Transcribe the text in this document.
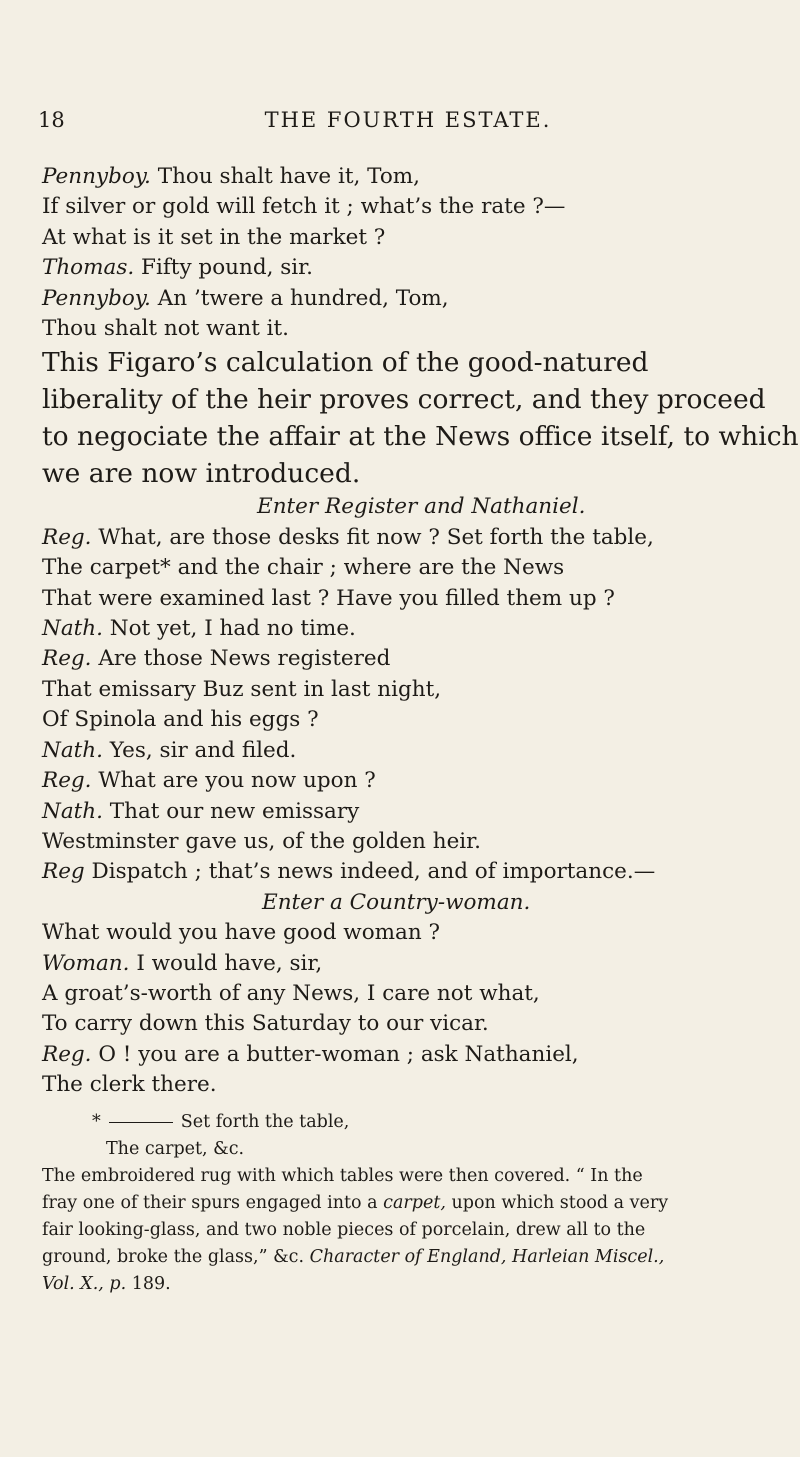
18	THE FOURTH ESTATE.
Pennyboy. Thou shalt have it, Tom,
If silver or gold will fetch it ; what’s the rate ?—
At what is it set in the market ?
Thomas. Fifty pound, sir.
Pennyboy. An ’twere a hundred, Tom,
Thou shalt not want it.
This Figaro’s calculation of the good-natured
liberality of the heir proves correct, and they proceed
to negociate the affair at the News office itself, to which
we are now introduced.
Enter Register and Nathaniel.
Reg. What, are those desks fit now ? Set forth the table,
The carpet* and the chair ; where are the News
That were examined last ? Have you filled them up ?
Nath. Not yet, I had no time.
Reg. Are those News registered
That emissary Buz sent in last night,
Of Spinola and his eggs ?
Nath. Yes, sir and filed.
Reg. What are you now upon ?
Nath. That our new emissary
Westminster gave us, of the golden heir.
Reg Dispatch ; that’s news indeed, and of importance.—
Enter a Country-woman.
What would you have good woman ?
Woman. I would have, sir,
A groat’s-worth of any News, I care not what,
To carry down this Saturday to our vicar.
Reg. O ! you are a butter-woman ; ask Nathaniel,
The clerk there.
*	Set forth the table,
The carpet, &c.
The embroidered rug with which tables were then covered. “ In the
fray one of their spurs engaged into a carpet, upon which stood a very
fair looking-glass, and two noble pieces of porcelain, drew all to the
ground, broke the glass,” &c. Character of England, Harleian Miscel.,
Vol. X., p. 189.
